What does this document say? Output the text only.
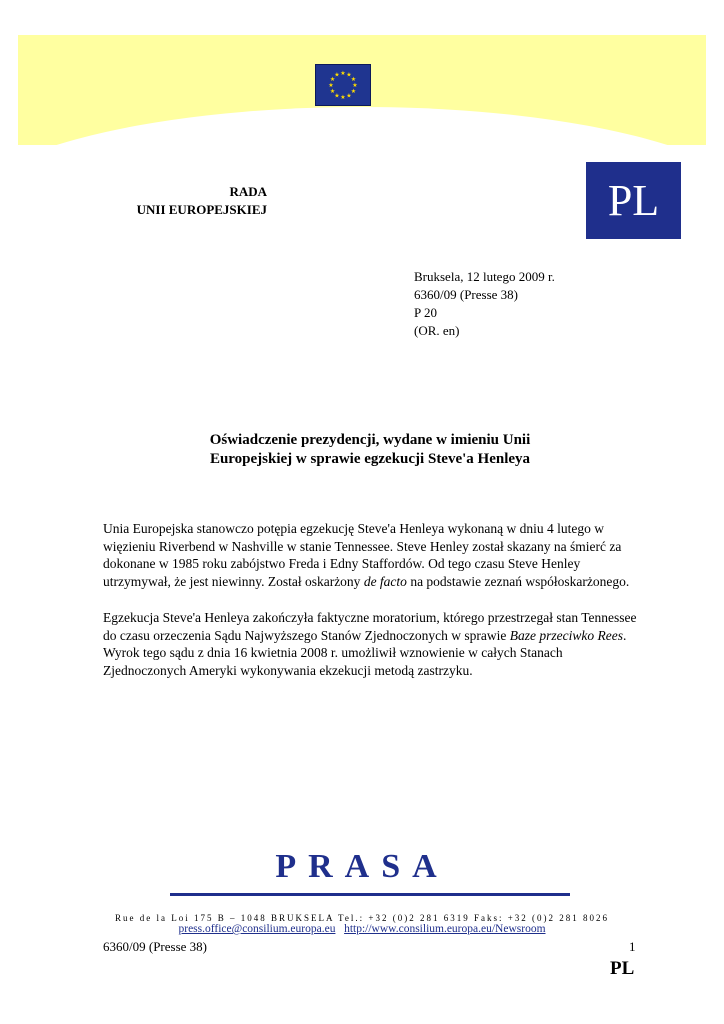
★ ★
★
★
★
★
★
★
★
★
★
★
RADA
UNII EUROPEJSKIEJ	PL
Bruksela, 12 lutego 2009 r.
6360/09 (Presse 38)
P 20
(OR. en)
Oświadczenie prezydencji, wydane w imieniu Unii
Europejskiej w sprawie egzekucji Steve'a Henleya

Unia Europejska stanowczo potępia egzekucję Steve'a Henleya wykonaną w dniu 4 lutego w więzieniu Riverbend w Nashville w stanie Tennessee. Steve Henley został skazany na śmierć za dokonane w 1985 roku zabójstwo Freda i Edny Staffordów. Od tego czasu Steve Henley utrzymywał, że jest niewinny. Został oskarżony de facto na podstawie zeznań współoskarżonego.

Egzekucja Steve'a Henleya zakończyła faktyczne moratorium, którego przestrzegał stan Tennessee do czasu orzeczenia Sądu Najwyższego Stanów Zjednoczonych w sprawie Baze przeciwko Rees. Wyrok tego sądu z dnia 16 kwietnia 2008 r. umożliwił wznowienie w całych Stanach Zjednoczonych Ameryki wykonywania ekzekucji metodą zastrzyku.

PRASA
Rue de la Loi 175 B – 1048 BRUKSELA Tel.: +32 (0)2 281 6319 Faks: +32 (0)2 281 8026
press.office@consilium.europa.eu http://www.consilium.europa.eu/Newsroom
6360/09 (Presse 38)	1
PL
